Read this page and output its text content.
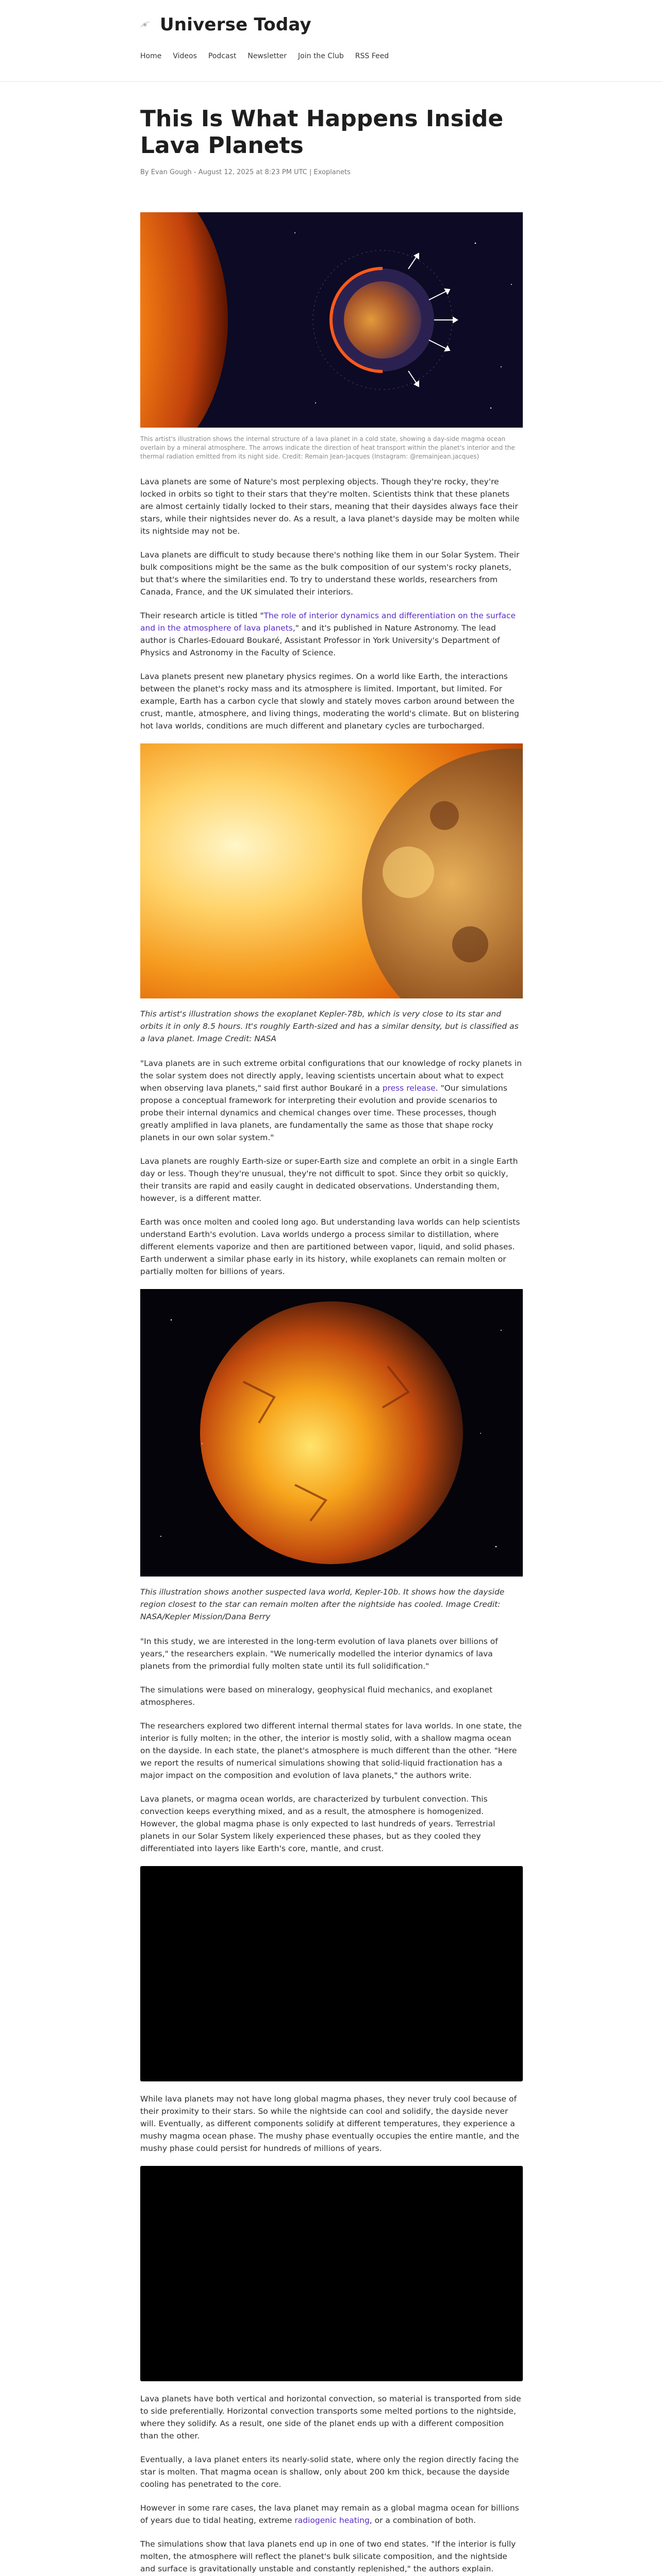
Universe Today
Home Videos Podcast Newsletter Join the Club RSS Feed
This Is What Happens Inside Lava Planets
By Evan Gough - August 12, 2025 at 8:23 PM UTC | Exoplanets
This artist's illustration shows the internal structure of a lava planet in a cold state, showing a day-side magma ocean overlain by a mineral atmosphere. The arrows indicate the direction of heat transport within the planet's interior and the thermal radiation emitted from its night side. Credit: Remain Jean-Jacques (Instagram: @remainjean.jacques)

Lava planets are some of Nature's most perplexing objects. Though they're rocky, they're locked in orbits so tight to their stars that they're molten. Scientists think that these planets are almost certainly tidally locked to their stars, meaning that their daysides always face their stars, while their nightsides never do. As a result, a lava planet's dayside may be molten while its nightside may not be.

Lava planets are difficult to study because there's nothing like them in our Solar System. Their bulk compositions might be the same as the bulk composition of our system's rocky planets, but that's where the similarities end. To try to understand these worlds, researchers from Canada, France, and the UK simulated their interiors.

Their research article is titled "The role of interior dynamics and differentiation on the surface and in the atmosphere of lava planets," and it's published in Nature Astronomy. The lead author is Charles-Edouard Boukaré, Assistant Professor in York University's Department of Physics and Astronomy in the Faculty of Science.

Lava planets present new planetary physics regimes. On a world like Earth, the interactions between the planet's rocky mass and its atmosphere is limited. Important, but limited. For example, Earth has a carbon cycle that slowly and stately moves carbon around between the crust, mantle, atmosphere, and living things, moderating the world's climate. But on blistering hot lava worlds, conditions are much different and planetary cycles are turbocharged.

This artist's illustration shows the exoplanet Kepler-78b, which is very close to its star and orbits it in only 8.5 hours. It's roughly Earth-sized and has a similar density, but is classified as a lava planet. Image Credit: NASA

"Lava planets are in such extreme orbital configurations that our knowledge of rocky planets in the solar system does not directly apply, leaving scientists uncertain about what to expect when observing lava planets," said first author Boukaré in a press release. "Our simulations propose a conceptual framework for interpreting their evolution and provide scenarios to probe their internal dynamics and chemical changes over time. These processes, though greatly amplified in lava planets, are fundamentally the same as those that shape rocky planets in our own solar system."

Lava planets are roughly Earth-size or super-Earth size and complete an orbit in a single Earth day or less. Though they're unusual, they're not difficult to spot. Since they orbit so quickly, their transits are rapid and easily caught in dedicated observations. Understanding them, however, is a different matter.

Earth was once molten and cooled long ago. But understanding lava worlds can help scientists understand Earth's evolution. Lava worlds undergo a process similar to distillation, where different elements vaporize and then are partitioned between vapor, liquid, and solid phases. Earth underwent a similar phase early in its history, while exoplanets can remain molten or partially molten for billions of years.

This illustration shows another suspected lava world, Kepler-10b. It shows how the dayside region closest to the star can remain molten after the nightside has cooled. Image Credit: NASA/Kepler Mission/Dana Berry

"In this study, we are interested in the long-term evolution of lava planets over billions of years," the researchers explain. "We numerically modelled the interior dynamics of lava planets from the primordial fully molten state until its full solidification."

The simulations were based on mineralogy, geophysical fluid mechanics, and exoplanet atmospheres.

The researchers explored two different internal thermal states for lava worlds. In one state, the interior is fully molten; in the other, the interior is mostly solid, with a shallow magma ocean on the dayside. In each state, the planet's atmosphere is much different than the other. "Here we report the results of numerical simulations showing that solid-liquid fractionation has a major impact on the composition and evolution of lava planets," the authors write.

Lava planets, or magma ocean worlds, are characterized by turbulent convection. This convection keeps everything mixed, and as a result, the atmosphere is homogenized. However, the global magma phase is only expected to last hundreds of years. Terrestrial planets in our Solar System likely experienced these phases, but as they cooled they differentiated into layers like Earth's core, mantle, and crust.

While lava planets may not have long global magma phases, they never truly cool because of their proximity to their stars. So while the nightside can cool and solidify, the dayside never will. Eventually, as different components solidify at different temperatures, they experience a mushy magma ocean phase. The mushy phase eventually occupies the entire mantle, and the mushy phase could persist for hundreds of millions of years.

Lava planets have both vertical and horizontal convection, so material is transported from side to side preferentially. Horizontal convection transports some melted portions to the nightside, where they solidify. As a result, one side of the planet ends up with a different composition than the other.

Eventually, a lava planet enters its nearly-solid state, where only the region directly facing the star is molten. That magma ocean is shallow, only about 200 km thick, because the dayside cooling has penetrated to the core.

However in some rare cases, the lava planet may remain as a global magma ocean for billions of years due to tidal heating, extreme radiogenic heating, or a combination of both.

The simulations show that lava planets end up in one of two end states. "If the interior is fully molten, the atmosphere will reflect the planet's bulk silicate composition, and the nightside and surface is gravitationally unstable and constantly replenished," the authors explain.
